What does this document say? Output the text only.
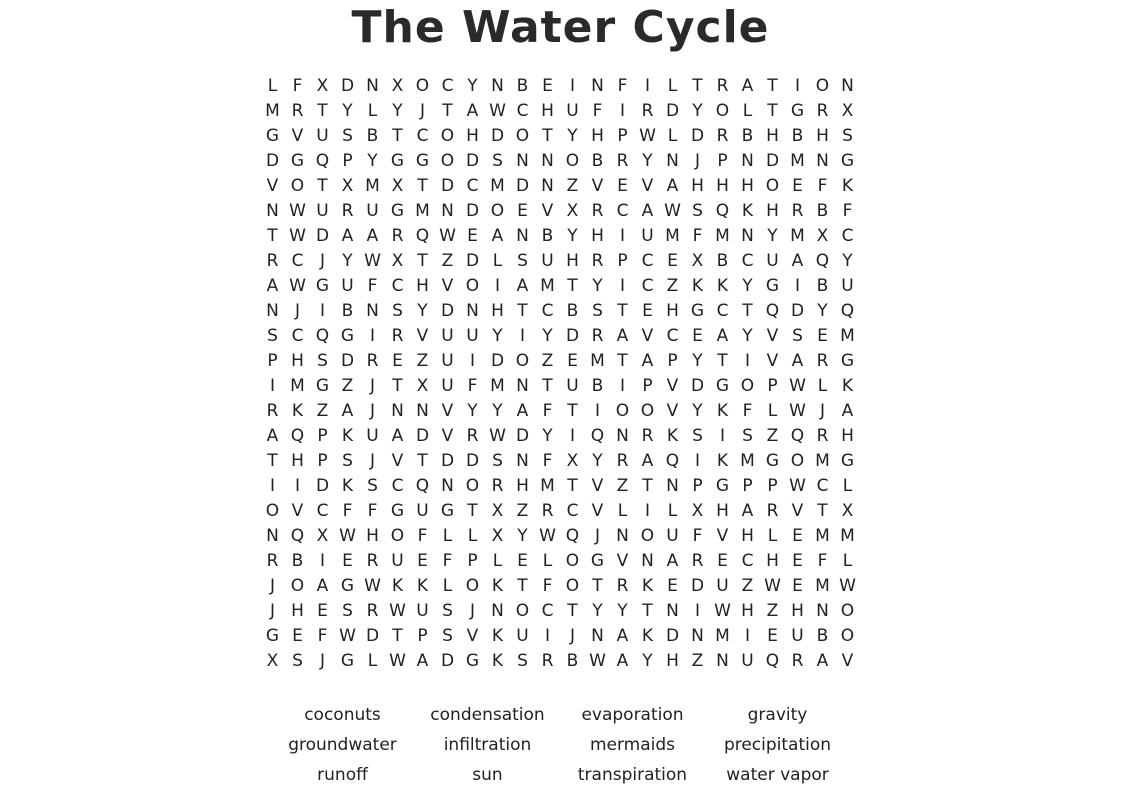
The Water Cycle
L F X D N X O C Y N B E	I N F	I	L T R A T	I O N
M R T Y L Y	J	T A W C H U F	I R D Y O L T G R X
G V U S B T C O H D O T Y H P W L D R B H B H S
D G Q P Y G G O D S N N O B R Y N J	P N D M N G
V O T X M X T D C M D N Z V E V A H H H O E F K
N W U R U G M N D O E V X R C A W S Q K H R B F
T W D A A R Q W E A N B Y H I U M F M N Y M X C
R C J	Y W X T Z D L S U H R P C E X B C U A Q Y
A W G U F C H V O I A M T Y	I C Z K K Y G I B U
N J	I B N S Y D N H T C B S T E H G C T Q D Y Q
S C Q G I R V U U Y	I	Y D R A V C E A Y V S E M
P H S D R E Z U I D O Z E M T A P Y T	I V A R G
I M G Z J	T X U F M N T U B I	P V D G O P W L K
R K Z A J N N V Y Y A F T	I O O V Y K F L W J A
A Q P K U A D V R W D Y	I Q N R K S	I	S Z Q R H
T H P S	J V T D D S N F X Y R A Q I K M G O M G
I	I D K S C Q N O R H M T V Z T N P G P P W C L
O V C F F G U G T X Z R C V L	I	L X H A R V T X
N Q X W H O F L L X Y W Q J N O U F V H L E M M
R B I	E R U E F P L E L O G V N A R E C H E F L
J O A G W K K L O K T F O T R K E D U Z W E M W
J H E S R W U S	J N O C T Y Y T N I W H Z H N O
G E F W D T P S V K U I	J N A K D N M I	E U B O
X S	J G L W A D G K S R B W A Y H Z N U Q R A V
coconuts	condensation	evaporation	gravity
groundwater	infiltration	mermaids	precipitation
runoff	sun	transpiration	water vapor
